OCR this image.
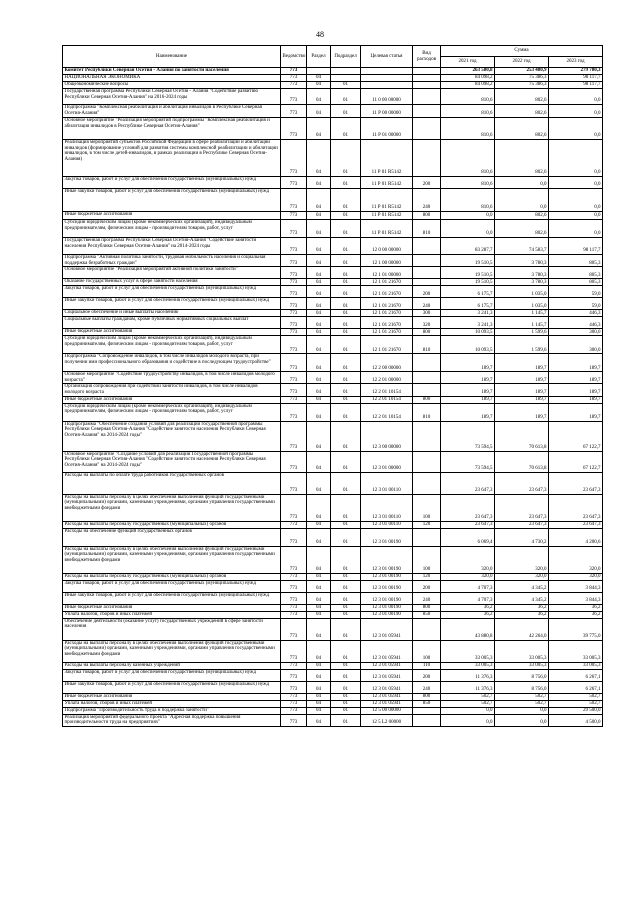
48
Наименование	Ведомство	Раздел	Подраздел	Целевая статья	Вид расходов	Сумма		
						2021 год	2022 год	2023 год
Комитет Республики Северная Осетия - Алания по занятости населения	773					263 580,8	253 480,9	279 780,3
НАЦИОНАЛЬНАЯ ЭКОНОМИКА	773	04				84 098,2	75 386,3	98 117,7
Общеэкономические вопросы	773	04	01			84 098,2	75 386,3	98 117,7
Государственная программа Республики Северная Осетия - Алания "Содействие развитию Республики Северная Осетия-Алания" на 2016-2024 годы	773	04	01	11 0 00 00000		810,6	802,6	0,0
Подпрограмма "Комплексная реабилитация и абилитация инвалидов в Республике Северная Осетия-Алания"	773	04	01	11 Р 00 00000		810,6	802,6	0,0
Основное мероприятие "Реализация мероприятий подпрограммы "Комплексная реабилитация и абилитация инвалидов в Республике Северная Осетия-Алания"	773	04	01	11 Р 01 00000		810,6	802,6	0,0
Реализация мероприятий субъектов Российской Федерации в сфере реабилитации и абилитации инвалидов (формирование условий для развития системы комплексной реабилитации и абилитации инвалидов, в том числе детей-инвалидов, в рамках реализации в Республике Северная Осетия-Алания)	773	04	01	11 Р 01 R5142		810,6	802,6	0,0
Закупка товаров, работ и услуг для обеспечения государственных (муниципальных) нужд	773	04	01	11 Р 01 R5142	200	810,6	0,0	0,0
Иные закупки товаров, работ и услуг для обеспечения государственных (муниципальных) нужд	773	04	01	11 Р 01 R5142	240	810,6	0,0	0,0
Иные бюджетные ассигнования	773	04	01	11 Р 01 R5142	800	0,0	802,6	0,0
Субсидии юридическим лицам (кроме некоммерческих организаций), индивидуальным предпринимателям, физическим лицам - производителям товаров, работ, услуг	773	04	01	11 Р 01 R5142	810	0,0	802,6	0,0
Государственная программа Республики Северная Осетия-Алания "Содействие занятости населения Республики Северная Осетия-Алания" на 2014-2024 годы	773	04	01	12 0 00 00000		83 287,7	74 583,7	98 117,7
Подпрограмма "Активная политика занятости, трудовая мобильность населения и социальная поддержка безработных граждан"	773	04	01	12 1 00 00000		19 510,5	3 780,3	805,3
Основное мероприятие "Реализация мероприятий активной политики занятости"	773	04	01	12 1 01 00000		19 510,5	3 780,3	805,3
Оказание государственных услуг в сфере занятости населения	773	04	01	12 1 01 21670		19 510,5	3 780,3	805,3
Закупка товаров, работ и услуг для обеспечения государственных (муниципальных) нужд	773	04	01	12 1 01 21670	200	6 175,7	1 035,0	59,0
Иные закупки товаров, работ и услуг для обеспечения государственных (муниципальных) нужд	773	04	01	12 1 01 21670	240	6 175,7	1 035,0	59,0
Социальное обеспечение и иные выплаты населению	773	04	01	12 1 01 21670	300	3 241,3	1 145,7	446,3
Социальные выплаты гражданам, кроме публичных нормативных социальных выплат	773	04	01	12 1 01 21670	320	3 241,3	1 145,7	446,3
Иные бюджетные ассигнования	773	04	01	12 1 01 21670	800	10 093,5	1 599,6	300,0
Субсидии юридическим лицам (кроме некоммерческих организаций), индивидуальным предпринимателям, физическим лицам - производителям товаров, работ, услуг	773	04	01	12 1 01 21670	810	10 093,5	1 599,6	300,0
Подпрограмма "Сопровождение инвалидов, в том числе инвалидов молодого возраста, при получении ими профессионального образования и содействие в последующем трудоустройстве"	773	04	01	12 2 00 00000		189,7	189,7	189,7
Основное мероприятие "Содействие трудоустройству инвалидов, в том числе инвалидов молодого возраста"	773	04	01	12 2 01 00000		189,7	189,7	189,7
Организация сопровождения при содействии занятости инвалидов, в том числе инвалидов молодого возраста	773	04	01	12 2 01 10154		189,7	189,7	189,7
Иные бюджетные ассигнования	773	04	01	12 2 01 10154	800	189,7	189,7	189,7
Субсидии юридическим лицам (кроме некоммерческих организаций), индивидуальным предпринимателям, физическим лицам - производителям товаров, работ, услуг	773	04	01	12 2 01 10154	810	189,7	189,7	189,7
Подпрограмма "Обеспечение создания условий для реализации государственной программы Республики Северная Осетия-Алания "Содействие занятости населения Республики Северная Осетия-Алания" на 2014-2024 годы"	773	04	01	12 3 00 00000		73 594,5	70 613,8	67 122,7
Основное мероприятие "Создание условий для реализации Государственной программы Республики Северная Осетия-Алания "Содействие занятости населения Республики Северная Осетия-Алания" на 2014-2024 годы"	773	04	01	12 3 01 00000		73 594,5	70 613,8	67 122,7
Расходы на выплаты по оплате труда работников государственных органов	773	04	01	12 3 01 00110		23 647,3	23 647,3	23 647,3
Расходы на выплаты персоналу в целях обеспечения выполнения функций государственными (муниципальными) органами, казенными учреждениями, органами управления государственными внебюджетными фондами	773	04	01	12 3 01 00110	100	23 647,3	23 647,3	23 647,3
Расходы на выплаты персоналу государственных (муниципальных) органов	773	04	01	12 3 01 00110	120	23 647,3	23 647,3	23 647,3
Расходы на обеспечение функций государственных органов	773	04	01	12 3 01 00190		6 069,4	4 730,2	4 200,6
Расходы на выплаты персоналу в целях обеспечения выполнения функций государственными (муниципальными) органами, казенными учреждениями, органами управления государственными внебюджетными фондами	773	04	01	12 3 01 00190	100	320,0	320,0	320,0
Расходы на выплаты персоналу государственных (муниципальных) органов	773	04	01	12 3 01 00190	120	320,0	320,0	320,0
Закупка товаров, работ и услуг для обеспечения государственных (муниципальных) нужд	773	04	01	12 3 01 00190	200	4 707,3	4 345,2	3 844,3
Иные закупки товаров, работ и услуг для обеспечения государственных (муниципальных) нужд	773	04	01	12 3 01 00190	240	4 707,3	4 345,2	3 844,3
Иные бюджетные ассигнования	773	04	01	12 3 01 00190	800	36,2	36,2	36,2
Уплата налогов, сборов и иных платежей	773	04	01	12 3 01 00190	850	36,2	36,2	36,2
Обеспечение деятельности (оказание услуг) государственных учреждений в сфере занятости населения	773	04	01	12 3 01 05941		43 880,8	42 264,0	39 775,0
Расходы на выплаты персоналу в целях обеспечения выполнения функций государственными (муниципальными) органами, казенными учреждениями, органами управления государственными внебюджетными фондами	773	04	01	12 3 01 05941	100	33 005,3	33 005,3	33 005,3
Расходы на выплаты персоналу казенных учреждений	773	04	01	12 3 01 05941	110	33 005,3	33 005,3	33 005,3
Закупка товаров, работ и услуг для обеспечения государственных (муниципальных) нужд	773	04	01	12 3 01 05941	200	11 376,3	8 756,0	6 267,1
Иные закупки товаров, работ и услуг для обеспечения государственных (муниципальных) нужд	773	04	01	12 3 01 05941	240	11 376,3	8 756,0	6 267,1
Иные бюджетные ассигнования	773	04	01	12 3 01 05941	800	502,7	502,7	502,7
Уплата налогов, сборов и иных платежей	773	04	01	12 3 01 05941	850	502,7	502,7	502,7
Подпрограмма "Производительность труда и поддержка занятости"	773	04	01	12 5 00 00000		0,0	0,0	29 500,0
Реализация мероприятий федерального проекта "Адресная поддержка повышения производительности труда на предприятиях"	773	04	01	12 5 L2 00000		0,0	0,0	4 500,0
